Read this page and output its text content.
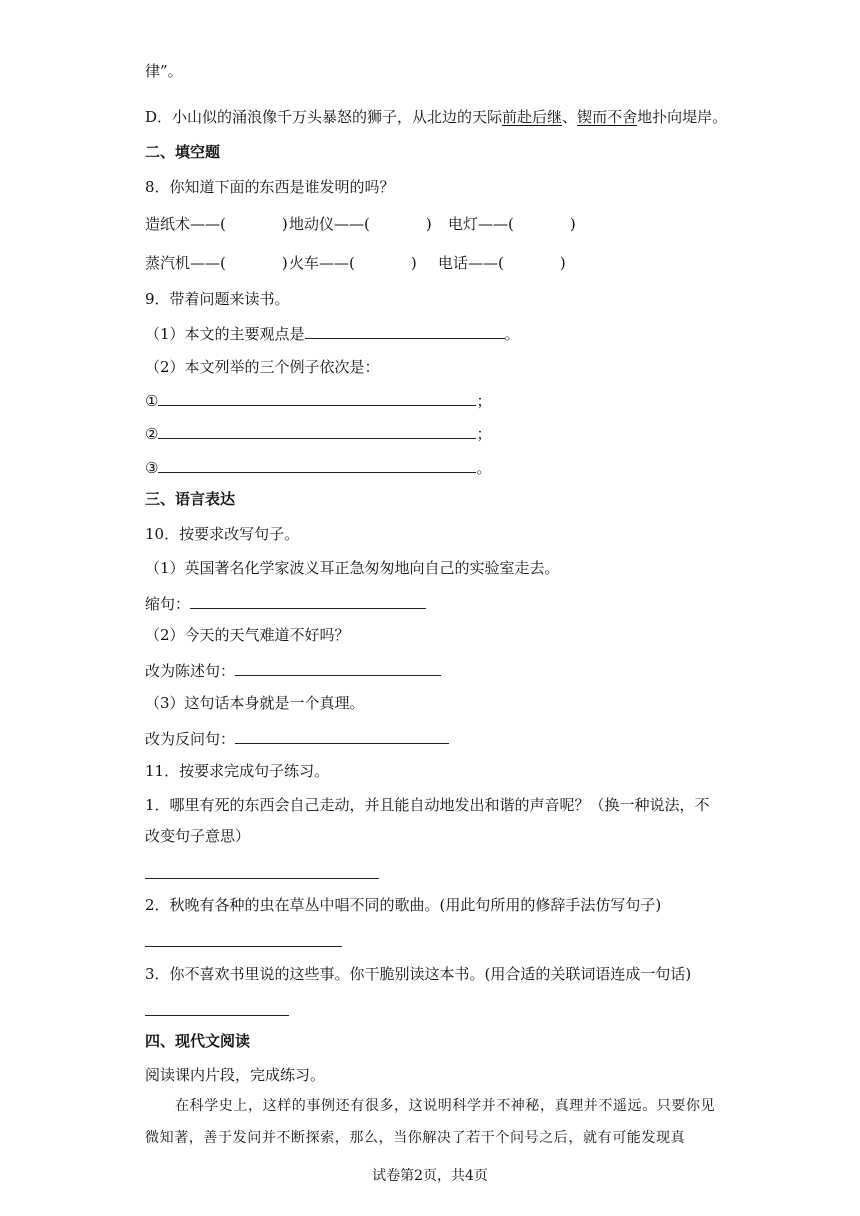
律”。
D．小山似的涌浪像千万头暴怒的狮子，从北边的天际前赴后继、锲而不舍地扑向堤岸。
二、填空题
8．你知道下面的东西是谁发明的吗？
造纸术——(	) 地动仪——(	) 电灯——(	)
蒸汽机——(	) 火车——(	) 电话——(	)
9．带着问题来读书。
（1）本文的主要观点是	。
（2）本文列举的三个例子依次是：
①	；
②	；
③	。
三、语言表达
10．按要求改写句子。
（1）英国著名化学家波义耳正急匆匆地向自己的实验室走去。
缩句：
（2）今天的天气难道不好吗？
改为陈述句：
（3）这句话本身就是一个真理。
改为反问句：
11．按要求完成句子练习。
1．哪里有死的东西会自己走动，并且能自动地发出和谐的声音呢？（换一种说法，不
改变句子意思）
2．秋晚有各种的虫在草丛中唱不同的歌曲。(用此句所用的修辞手法仿写句子)
3．你不喜欢书里说的这些事。你干脆别读这本书。(用合适的关联词语连成一句话)
四、现代文阅读
阅读课内片段，完成练习。
在科学史上，这样的事例还有很多，这说明科学并不神秘，真理并不遥远。只要你见微知著，善于发问并不断探索，那么，当你解决了若干个问号之后，就有可能发现真
试卷第2页，共4页
